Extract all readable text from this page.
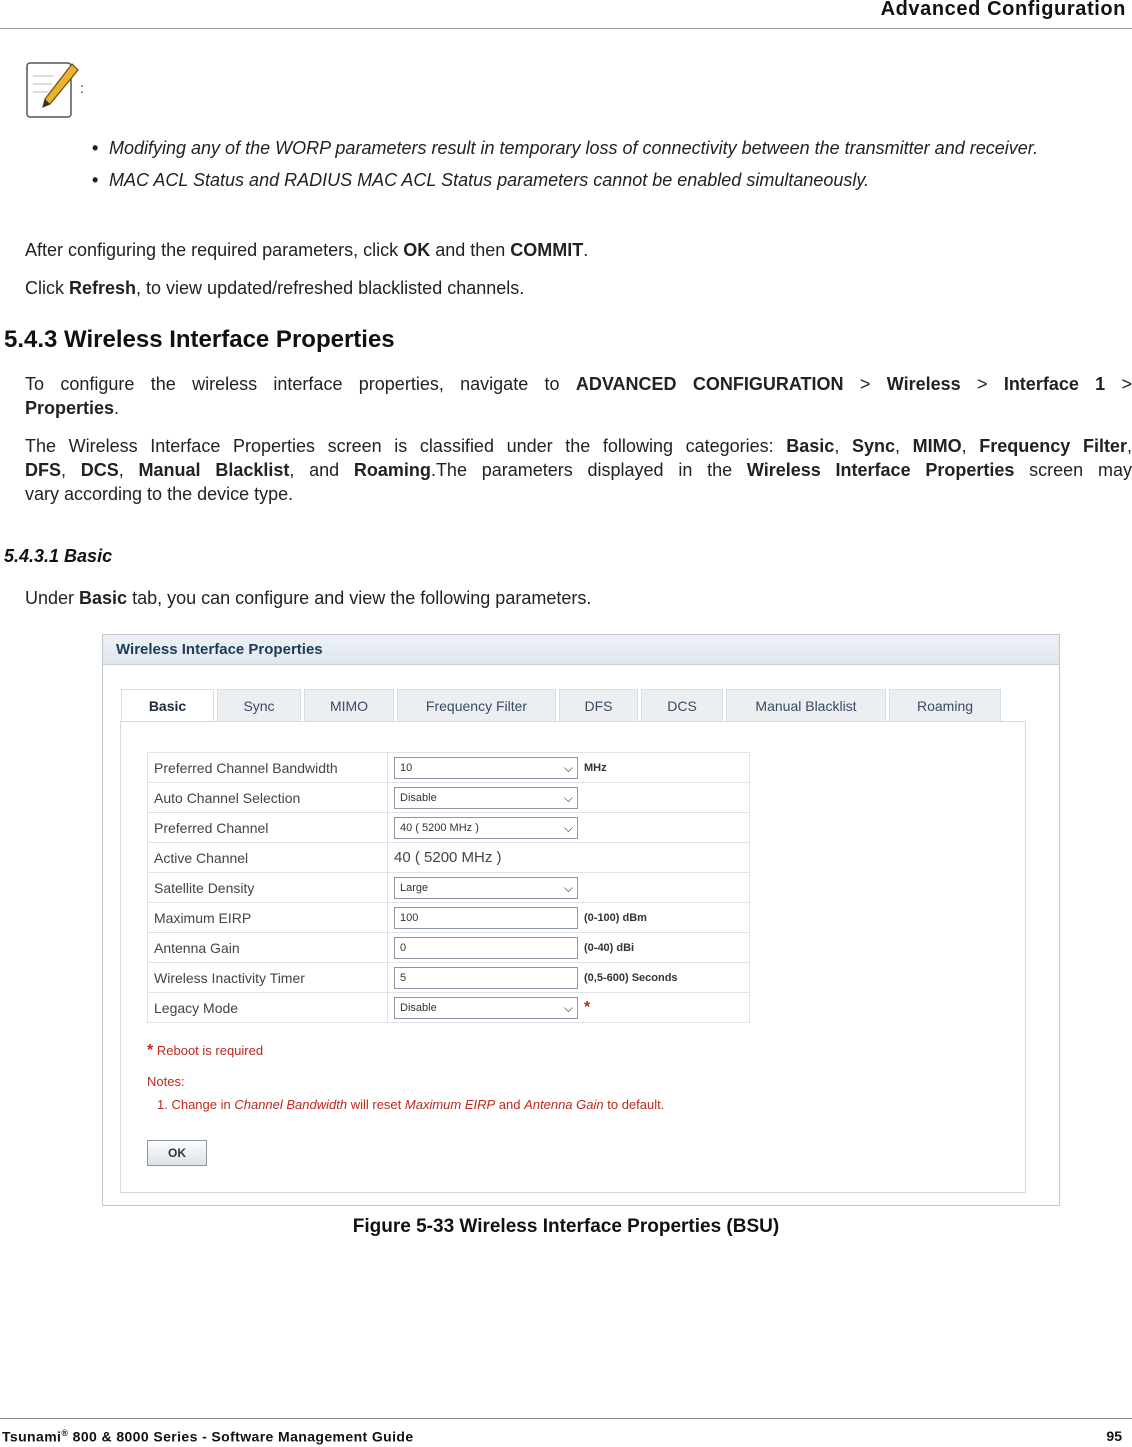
Advanced Configuration
:
• Modifying any of the WORP parameters result in temporary loss of connectivity between the transmitter and receiver.
• MAC ACL Status and RADIUS MAC ACL Status parameters cannot be enabled simultaneously.

After configuring the required parameters, click OK and then COMMIT.

Click Refresh, to view updated/refreshed blacklisted channels.

5.4.3 Wireless Interface Properties
To configure the wireless interface properties, navigate to ADVANCED CONFIGURATION > Wireless > Interface 1 >
Properties.
The Wireless Interface Properties screen is classified under the following categories: Basic, Sync, MIMO, Frequency Filter,
DFS, DCS, Manual Blacklist, and Roaming.The parameters displayed in the Wireless Interface Properties screen may
vary according to the device type.
5.4.3.1 Basic

Under Basic tab, you can configure and view the following parameters.

Wireless Interface Properties
Basic	Sync	MIMO	Frequency Filter	DFS	DCS	Manual Blacklist	Roaming
Preferred Channel Bandwidth	10 ⌵ MHz
Auto Channel Selection	Disable ⌵

Preferred Channel	40 ( 5200 MHz ) ⌵

Active Channel	40 ( 5200 MHz )
Satellite Density	Large ⌵

Maximum EIRP	100 (0-100) dBm
Antenna Gain	0 (0-40) dBi
Wireless Inactivity Timer	5 (0,5-600) Seconds
Legacy Mode	Disable ⌵ *
* Reboot is required
Notes:
1. Change in Channel Bandwidth will reset Maximum EIRP and Antenna Gain to default.
OK
Figure 5-33 Wireless Interface Properties (BSU)
Tsunami® 800 & 8000 Series - Software Management Guide	95
